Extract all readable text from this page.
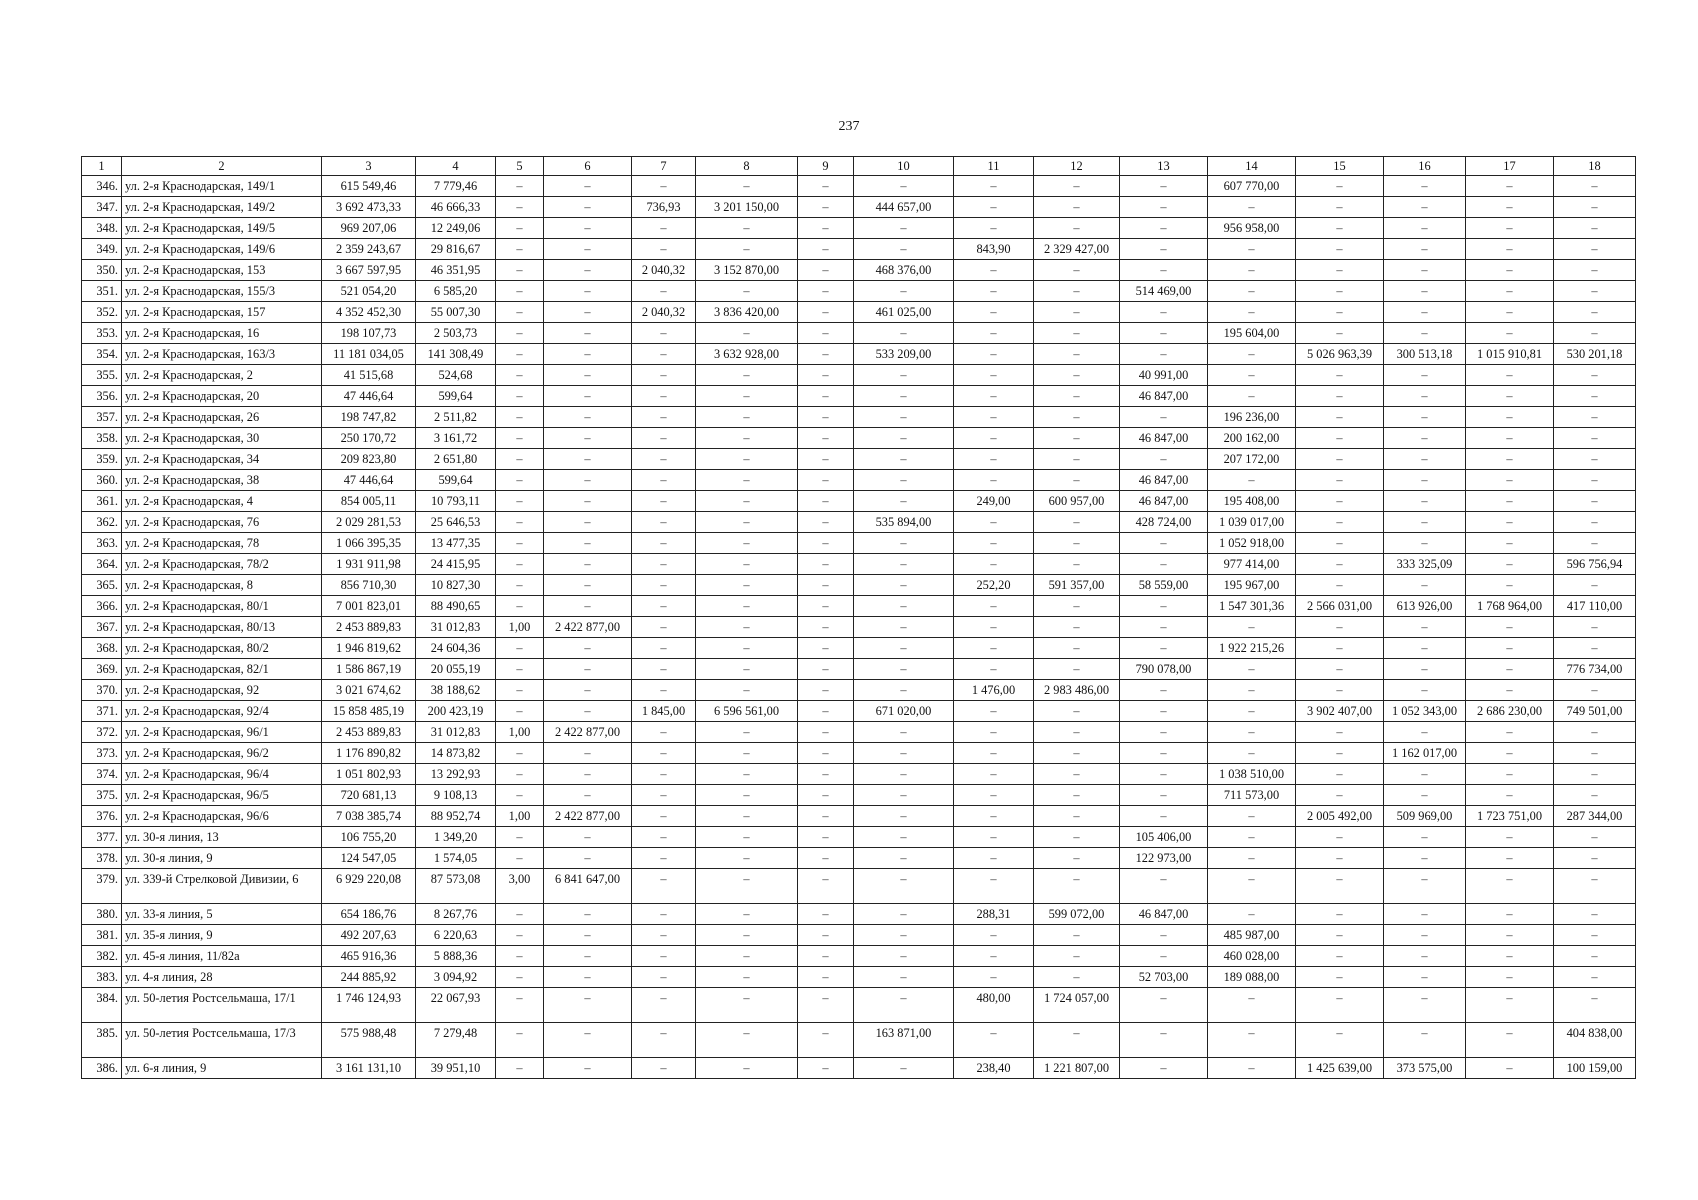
237
1	2	3	4	5	6	7	8	9	10	11	12	13	14	15	16	17	18
346.	ул. 2-я Краснодарская, 149/1	615 549,46	7 779,46	–	–	–	–	–	–	–	–	–	607 770,00	–	–	–	–
347.	ул. 2-я Краснодарская, 149/2	3 692 473,33	46 666,33	–	–	736,93	3 201 150,00	–	444 657,00	–	–	–	–	–	–	–	–
348.	ул. 2-я Краснодарская, 149/5	969 207,06	12 249,06	–	–	–	–	–	–	–	–	–	956 958,00	–	–	–	–
349.	ул. 2-я Краснодарская, 149/6	2 359 243,67	29 816,67	–	–	–	–	–	–	843,90	2 329 427,00	–	–	–	–	–	–
350.	ул. 2-я Краснодарская, 153	3 667 597,95	46 351,95	–	–	2 040,32	3 152 870,00	–	468 376,00	–	–	–	–	–	–	–	–
351.	ул. 2-я Краснодарская, 155/3	521 054,20	6 585,20	–	–	–	–	–	–	–	–	514 469,00	–	–	–	–	–
352.	ул. 2-я Краснодарская, 157	4 352 452,30	55 007,30	–	–	2 040,32	3 836 420,00	–	461 025,00	–	–	–	–	–	–	–	–
353.	ул. 2-я Краснодарская, 16	198 107,73	2 503,73	–	–	–	–	–	–	–	–	–	195 604,00	–	–	–	–
354.	ул. 2-я Краснодарская, 163/3	11 181 034,05	141 308,49	–	–	–	3 632 928,00	–	533 209,00	–	–	–	–	5 026 963,39	300 513,18	1 015 910,81	530 201,18
355.	ул. 2-я Краснодарская, 2	41 515,68	524,68	–	–	–	–	–	–	–	–	40 991,00	–	–	–	–	–
356.	ул. 2-я Краснодарская, 20	47 446,64	599,64	–	–	–	–	–	–	–	–	46 847,00	–	–	–	–	–
357.	ул. 2-я Краснодарская, 26	198 747,82	2 511,82	–	–	–	–	–	–	–	–	–	196 236,00	–	–	–	–
358.	ул. 2-я Краснодарская, 30	250 170,72	3 161,72	–	–	–	–	–	–	–	–	46 847,00	200 162,00	–	–	–	–
359.	ул. 2-я Краснодарская, 34	209 823,80	2 651,80	–	–	–	–	–	–	–	–	–	207 172,00	–	–	–	–
360.	ул. 2-я Краснодарская, 38	47 446,64	599,64	–	–	–	–	–	–	–	–	46 847,00	–	–	–	–	–
361.	ул. 2-я Краснодарская, 4	854 005,11	10 793,11	–	–	–	–	–	–	249,00	600 957,00	46 847,00	195 408,00	–	–	–	–
362.	ул. 2-я Краснодарская, 76	2 029 281,53	25 646,53	–	–	–	–	–	535 894,00	–	–	428 724,00	1 039 017,00	–	–	–	–
363.	ул. 2-я Краснодарская, 78	1 066 395,35	13 477,35	–	–	–	–	–	–	–	–	–	1 052 918,00	–	–	–	–
364.	ул. 2-я Краснодарская, 78/2	1 931 911,98	24 415,95	–	–	–	–	–	–	–	–	–	977 414,00	–	333 325,09	–	596 756,94
365.	ул. 2-я Краснодарская, 8	856 710,30	10 827,30	–	–	–	–	–	–	252,20	591 357,00	58 559,00	195 967,00	–	–	–	–
366.	ул. 2-я Краснодарская, 80/1	7 001 823,01	88 490,65	–	–	–	–	–	–	–	–	–	1 547 301,36	2 566 031,00	613 926,00	1 768 964,00	417 110,00
367.	ул. 2-я Краснодарская, 80/13	2 453 889,83	31 012,83	1,00	2 422 877,00	–	–	–	–	–	–	–	–	–	–	–	–
368.	ул. 2-я Краснодарская, 80/2	1 946 819,62	24 604,36	–	–	–	–	–	–	–	–	–	1 922 215,26	–	–	–	–
369.	ул. 2-я Краснодарская, 82/1	1 586 867,19	20 055,19	–	–	–	–	–	–	–	–	790 078,00	–	–	–	–	776 734,00
370.	ул. 2-я Краснодарская, 92	3 021 674,62	38 188,62	–	–	–	–	–	–	1 476,00	2 983 486,00	–	–	–	–	–	–
371.	ул. 2-я Краснодарская, 92/4	15 858 485,19	200 423,19	–	–	1 845,00	6 596 561,00	–	671 020,00	–	–	–	–	3 902 407,00	1 052 343,00	2 686 230,00	749 501,00
372.	ул. 2-я Краснодарская, 96/1	2 453 889,83	31 012,83	1,00	2 422 877,00	–	–	–	–	–	–	–	–	–	–	–	–
373.	ул. 2-я Краснодарская, 96/2	1 176 890,82	14 873,82	–	–	–	–	–	–	–	–	–	–	–	1 162 017,00	–	–
374.	ул. 2-я Краснодарская, 96/4	1 051 802,93	13 292,93	–	–	–	–	–	–	–	–	–	1 038 510,00	–	–	–	–
375.	ул. 2-я Краснодарская, 96/5	720 681,13	9 108,13	–	–	–	–	–	–	–	–	–	711 573,00	–	–	–	–
376.	ул. 2-я Краснодарская, 96/6	7 038 385,74	88 952,74	1,00	2 422 877,00	–	–	–	–	–	–	–	–	2 005 492,00	509 969,00	1 723 751,00	287 344,00
377.	ул. 30-я линия, 13	106 755,20	1 349,20	–	–	–	–	–	–	–	–	105 406,00	–	–	–	–	–
378.	ул. 30-я линия, 9	124 547,05	1 574,05	–	–	–	–	–	–	–	–	122 973,00	–	–	–	–	–
379.	ул. 339-й Стрелковой Дивизии, 6	6 929 220,08	87 573,08	3,00	6 841 647,00	–	–	–	–	–	–	–	–	–	–	–	–
380.	ул. 33-я линия, 5	654 186,76	8 267,76	–	–	–	–	–	–	288,31	599 072,00	46 847,00	–	–	–	–	–
381.	ул. 35-я линия, 9	492 207,63	6 220,63	–	–	–	–	–	–	–	–	–	485 987,00	–	–	–	–
382.	ул. 45-я линия, 11/82а	465 916,36	5 888,36	–	–	–	–	–	–	–	–	–	460 028,00	–	–	–	–
383.	ул. 4-я линия, 28	244 885,92	3 094,92	–	–	–	–	–	–	–	–	52 703,00	189 088,00	–	–	–	–
384.	ул. 50-летия Ростсельмаша, 17/1	1 746 124,93	22 067,93	–	–	–	–	–	–	480,00	1 724 057,00	–	–	–	–	–	–
385.	ул. 50-летия Ростсельмаша, 17/3	575 988,48	7 279,48	–	–	–	–	–	163 871,00	–	–	–	–	–	–	–	404 838,00
386.	ул. 6-я линия, 9	3 161 131,10	39 951,10	–	–	–	–	–	–	238,40	1 221 807,00	–	–	1 425 639,00	373 575,00	–	100 159,00
